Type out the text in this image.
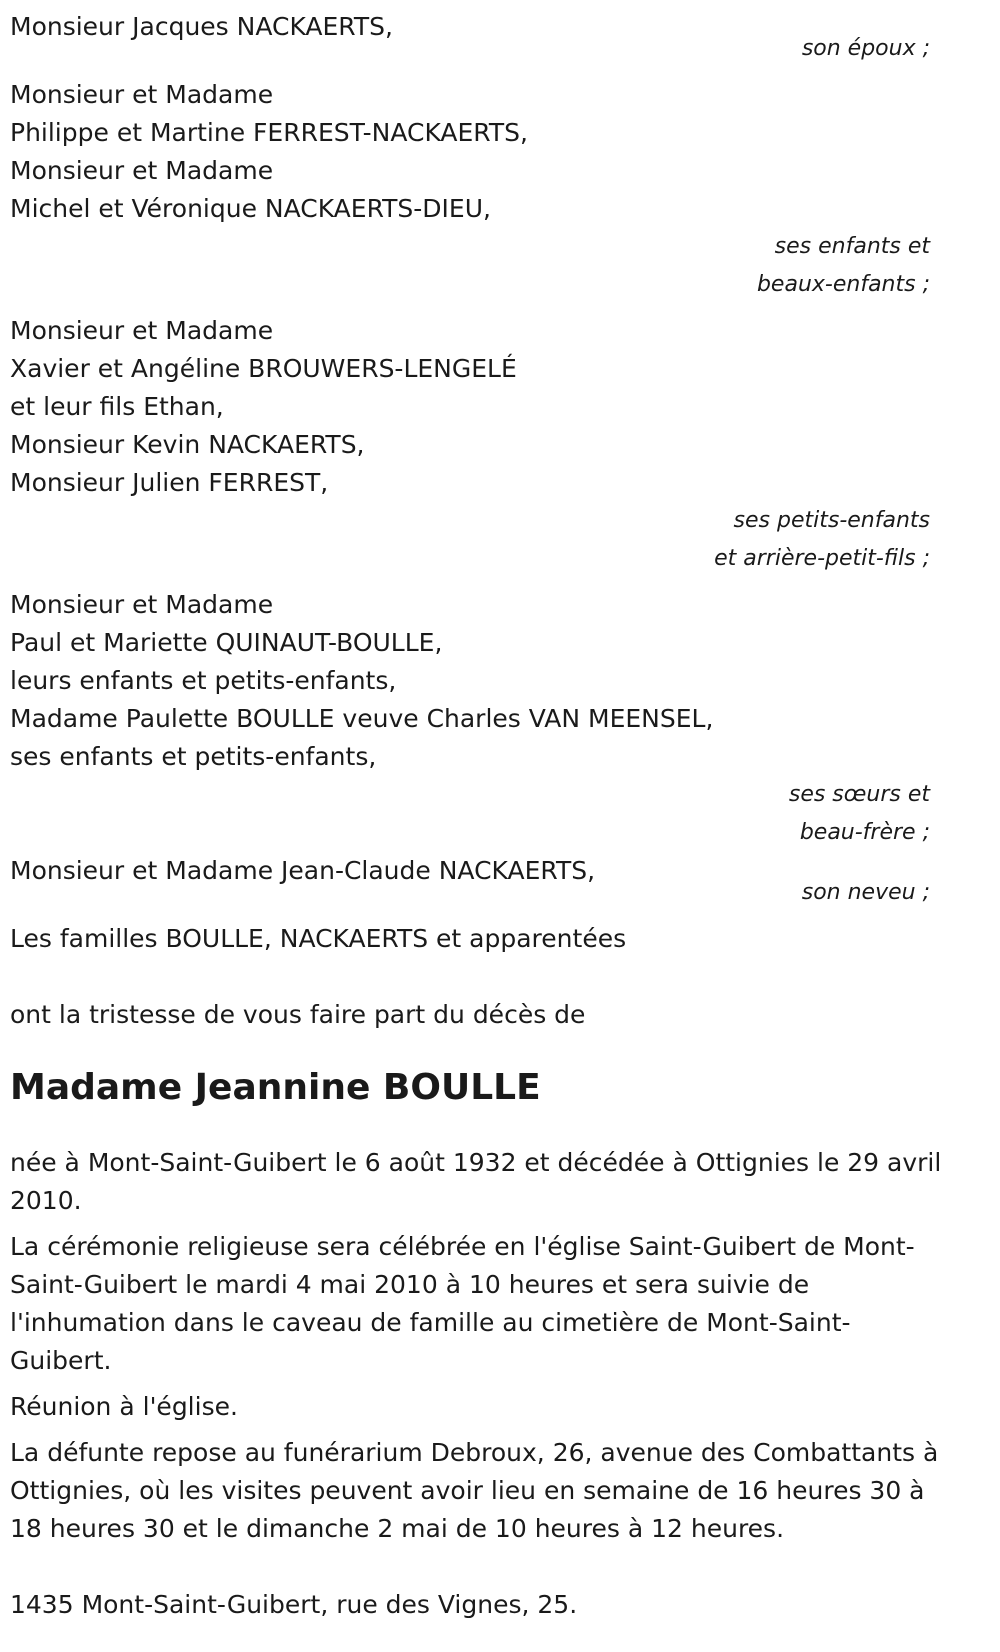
Monsieur Jacques NACKAERTS,
son époux ;
Monsieur et Madame
Philippe et Martine FERREST-NACKAERTS,
Monsieur et Madame
Michel et Véronique NACKAERTS-DIEU,
ses enfants et
beaux-enfants ;
Monsieur et Madame
Xavier et Angéline BROUWERS-LENGELÉ
et leur fils Ethan,
Monsieur Kevin NACKAERTS,
Monsieur Julien FERREST,
ses petits-enfants
et arrière-petit-fils ;
Monsieur et Madame
Paul et Mariette QUINAUT-BOULLE,
leurs enfants et petits-enfants,
Madame Paulette BOULLE veuve Charles VAN MEENSEL,
ses enfants et petits-enfants,
ses sœurs et
beau-frère ;
Monsieur et Madame Jean-Claude NACKAERTS,
son neveu ;
Les familles BOULLE, NACKAERTS et apparentées
ont la tristesse de vous faire part du décès de
Madame Jeannine BOULLE
née à Mont-Saint-Guibert le 6 août 1932 et décédée à Ottignies le 29 avril 2010.
La cérémonie religieuse sera célébrée en l'église Saint-Guibert de Mont-Saint-Guibert le mardi 4 mai 2010 à 10 heures et sera suivie de l'inhumation dans le caveau de famille au cimetière de Mont-Saint-Guibert.
Réunion à l'église.
La défunte repose au funérarium Debroux, 26, avenue des Combattants à Ottignies, où les visites peuvent avoir lieu en semaine de 16 heures 30 à 18 heures 30 et le dimanche 2 mai de 10 heures à 12 heures.
1435 Mont-Saint-Guibert, rue des Vignes, 25.
